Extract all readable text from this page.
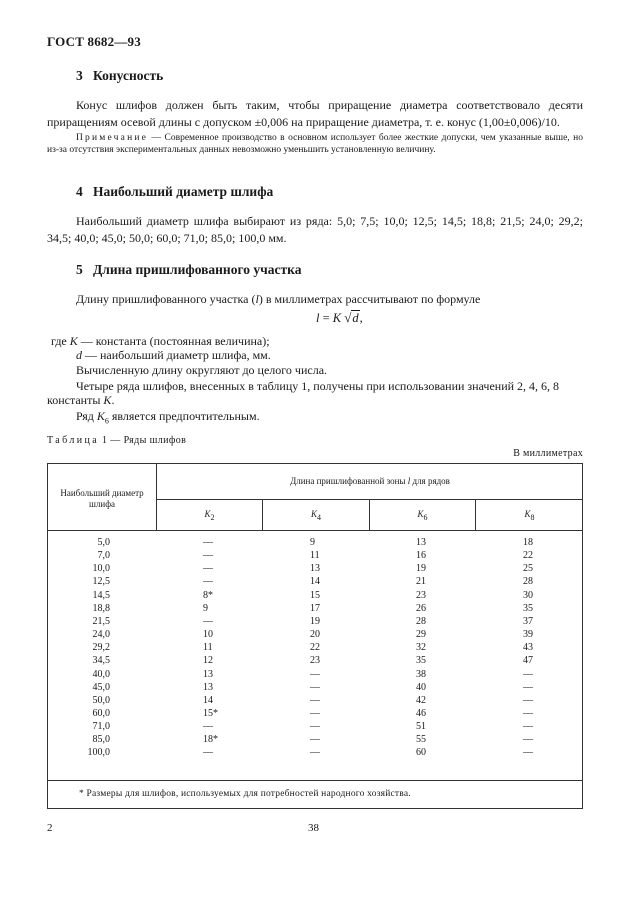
ГОСТ 8682—93
3 Конусность
Конус шлифов должен быть таким, чтобы приращение диаметра соответствовало десяти приращениям осевой длины с допуском ±0,006 на приращение диаметра, т. е. конус (1,00±0,006)/10.
Примечание — Современное производство в основном использует более жесткие допуски, чем указанные выше, но из-за отсутствия экспериментальных данных невозможно уменьшить установленную величину.
4 Наибольший диаметр шлифа
Наибольший диаметр шлифа выбирают из ряда: 5,0; 7,5; 10,0; 12,5; 14,5; 18,8; 21,5; 24,0; 29,2; 34,5; 40,0; 45,0; 50,0; 60,0; 71,0; 85,0; 100,0 мм.
5 Длина пришлифованного участка
Длину пришлифованного участка (l) в миллиметрах рассчитывают по формуле
l = K √d,
где K — константа (постоянная величина);
d — наибольший диаметр шлифа, мм.
Вычисленную длину округляют до целого числа.
Четыре ряда шлифов, внесенных в таблицу 1, получены при использовании значений 2, 4, 6, 8
константы K.
Ряд $K_6$ является предпочтительным.
Таблица 1 — Ряды шлифов
В миллиметрах
Наибольший диаметр шлифа
Длина пришлифованной зоны l для рядов
$K_2$	$K_4$	$K_6$	$K_8$
5,0	—	9	13	18
7,0	—	11	16	22
10,0	—	13	19	25
12,5	—	14	21	28
14,5	8*	15	23	30
18,8	9	17	26	35
21,5	—	19	28	37
24,0	10	20	29	39
29,2	11	22	32	43
34,5	12	23	35	47
40,0	13	—	38	—
45,0	13	—	40	—
50,0	14	—	42	—
60,0	15*	—	46	—
71,0	—	—	51	—
85,0	18*	—	55	—
100,0	—	—	60	—
* Размеры для шлифов, используемых для потребностей народного хозяйства.
2	38
